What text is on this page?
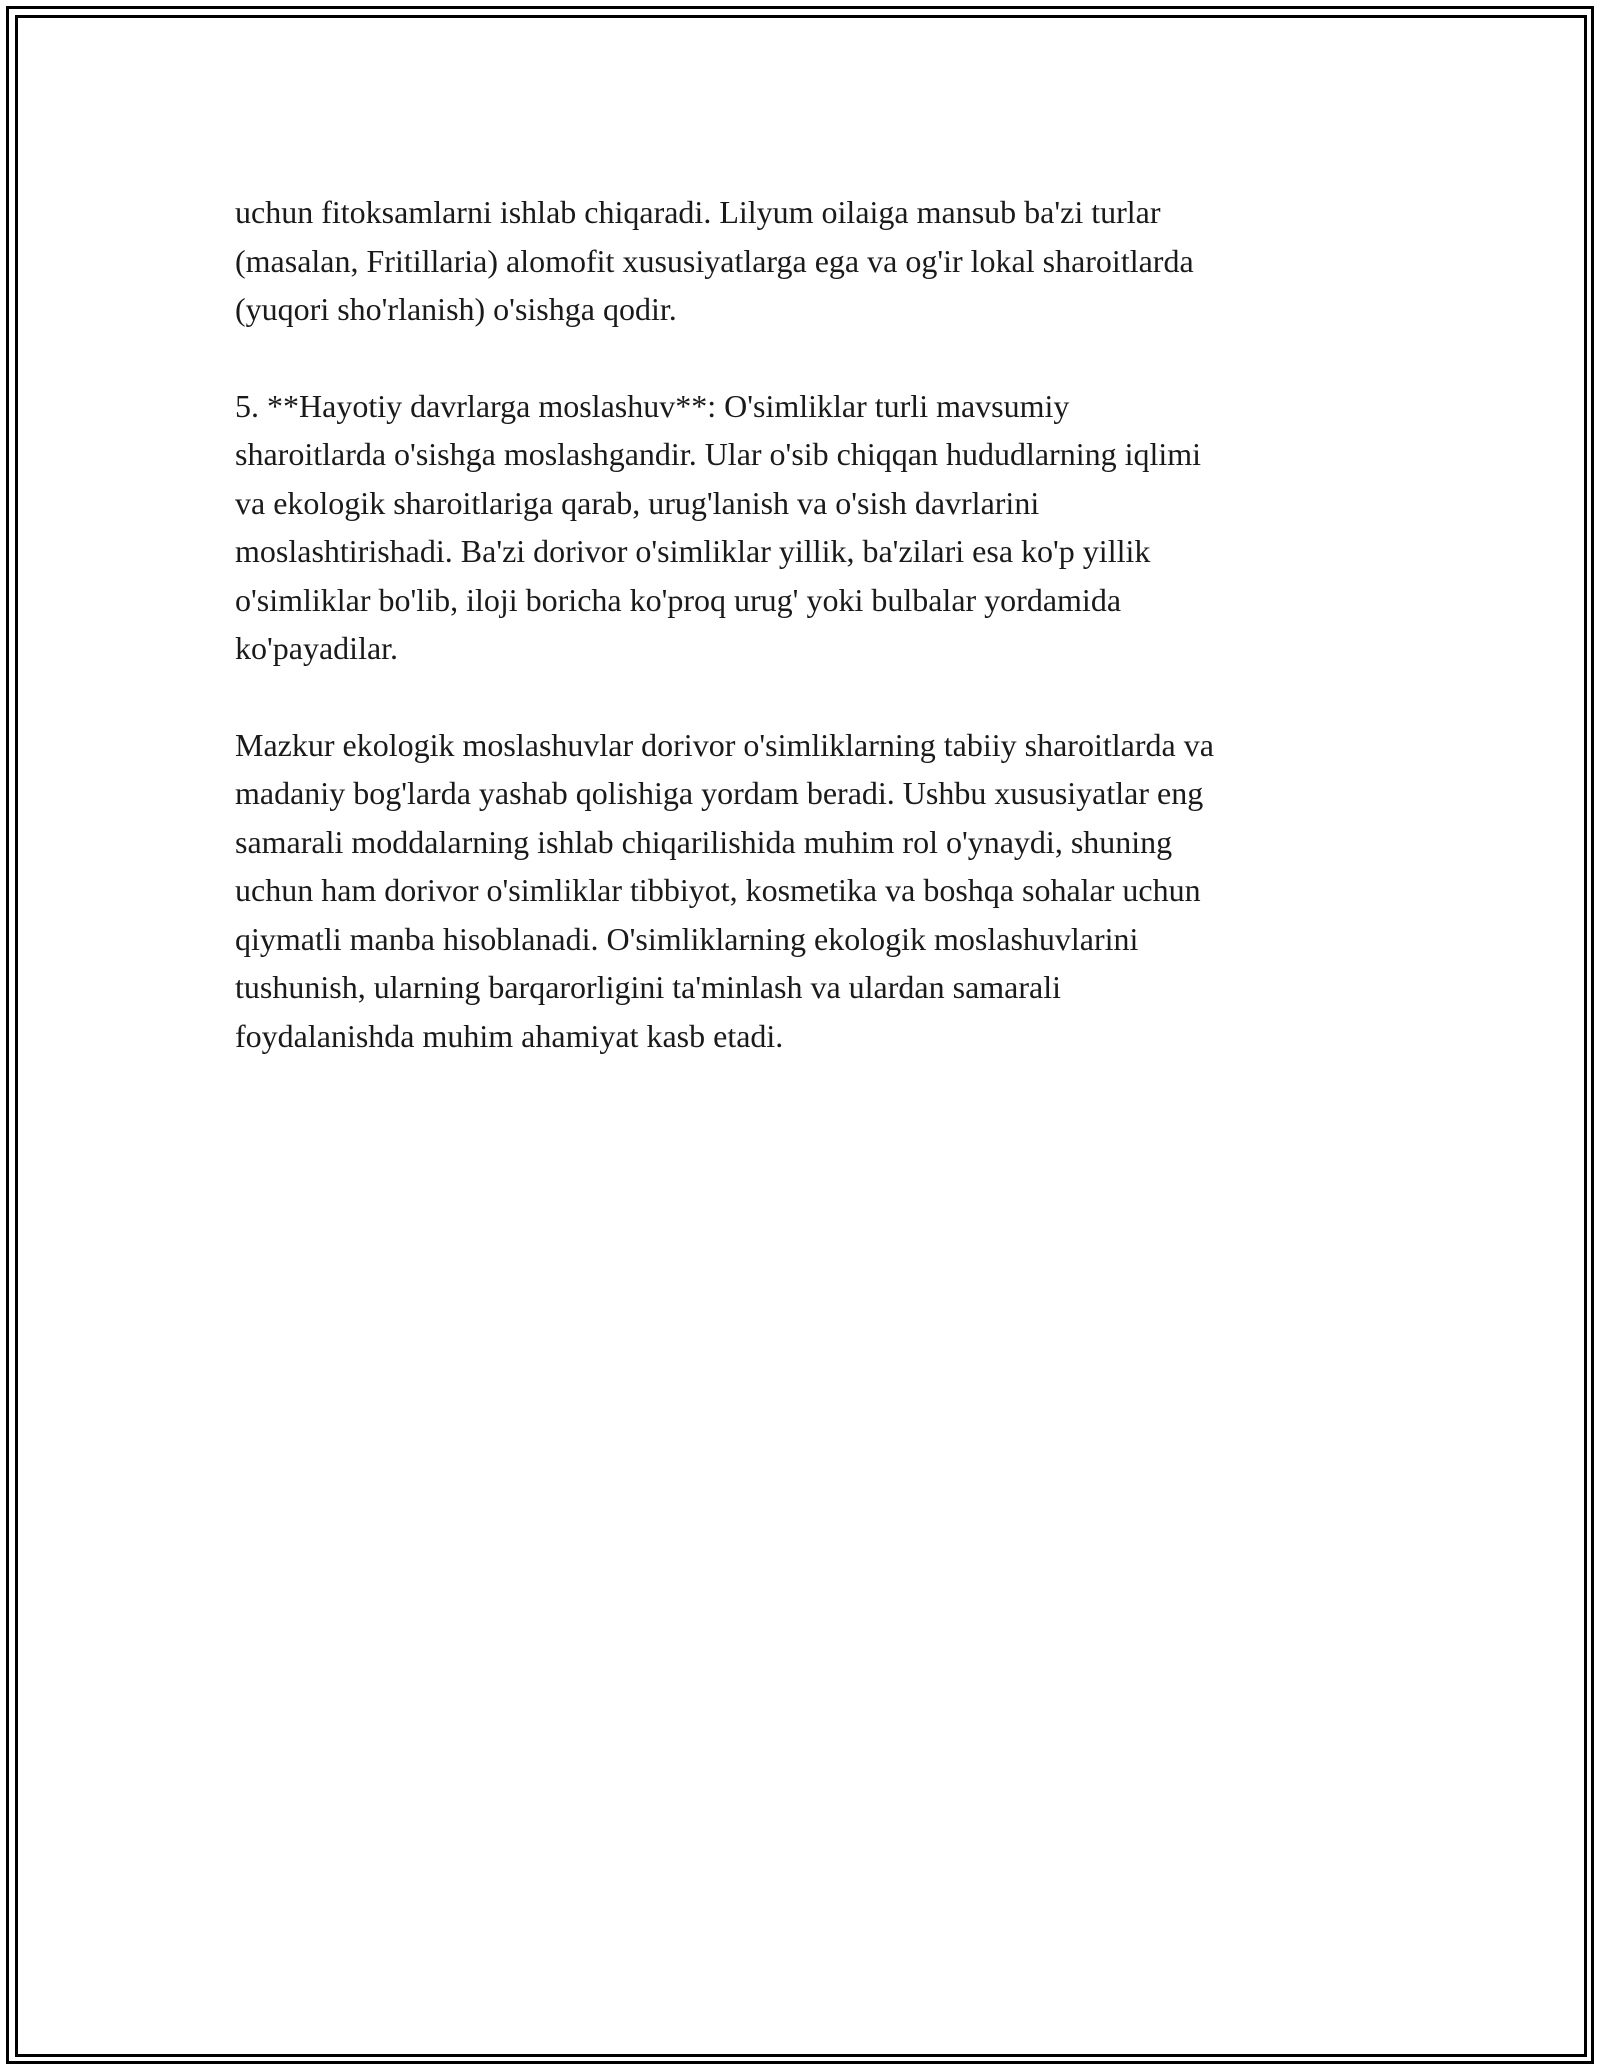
uchun fitoksamlarni ishlab chiqaradi. Lilyum oilaiga mansub ba'zi turlar
(masalan, Fritillaria) alomofit xususiyatlarga ega va og'ir lokal sharoitlarda
(yuqori sho'rlanish) o'sishga qodir.

5. **Hayotiy davrlarga moslashuv**: O'simliklar turli mavsumiy
sharoitlarda o'sishga moslashgandir. Ular o'sib chiqqan hududlarning iqlimi
va ekologik sharoitlariga qarab, urug'lanish va o'sish davrlarini
moslashtirishadi. Ba'zi dorivor o'simliklar yillik, ba'zilari esa ko'p yillik
o'simliklar bo'lib, iloji boricha ko'proq urug' yoki bulbalar yordamida
ko'payadilar.

Mazkur ekologik moslashuvlar dorivor o'simliklarning tabiiy sharoitlarda va
madaniy bog'larda yashab qolishiga yordam beradi. Ushbu xususiyatlar eng
samarali moddalarning ishlab chiqarilishida muhim rol o'ynaydi, shuning
uchun ham dorivor o'simliklar tibbiyot, kosmetika va boshqa sohalar uchun
qiymatli manba hisoblanadi. O'simliklarning ekologik moslashuvlarini
tushunish, ularning barqarorligini ta'minlash va ulardan samarali
foydalanishda muhim ahamiyat kasb etadi.
